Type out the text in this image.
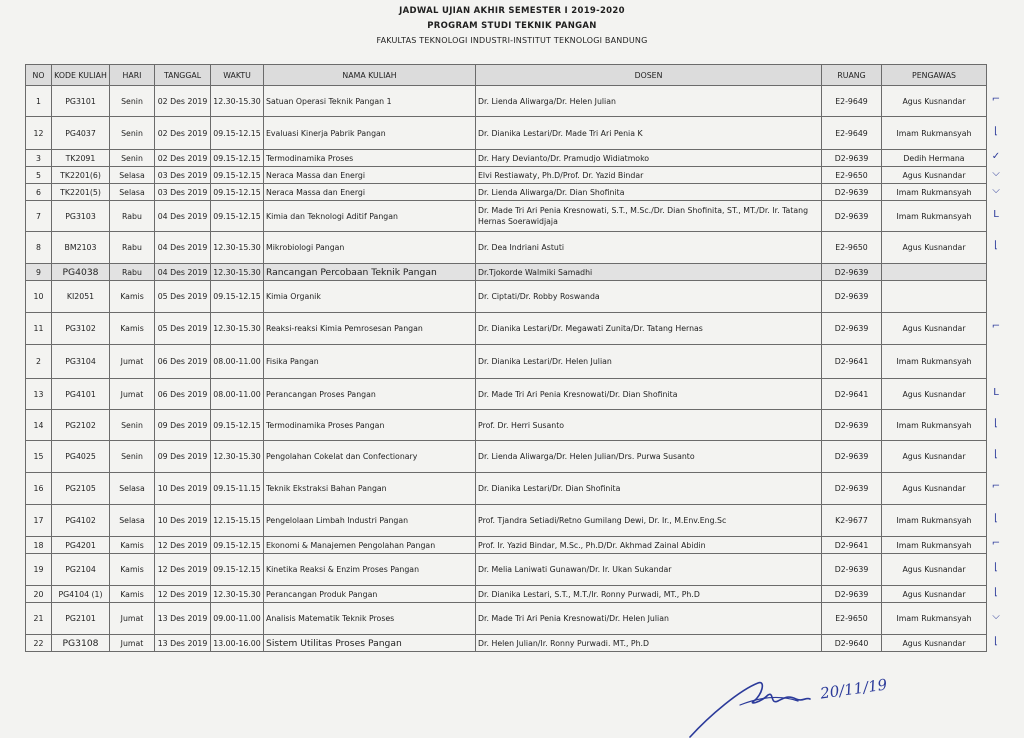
JADWAL UJIAN AKHIR SEMESTER I 2019-2020
PROGRAM STUDI TEKNIK PANGAN
FAKULTAS TEKNOLOGI INDUSTRI-INSTITUT TEKNOLOGI BANDUNG
NO	KODE KULIAH	HARI	TANGGAL	WAKTU	NAMA KULIAH	DOSEN	RUANG	PENGAWAS
1	PG3101	Senin	02 Des 2019	12.30-15.30	Satuan Operasi Teknik Pangan 1	Dr. Lienda Aliwarga/Dr. Helen Julian	E2-9649	Agus Kusnandar
12	PG4037	Senin	02 Des 2019	09.15-12.15	Evaluasi Kinerja Pabrik Pangan	Dr. Dianika Lestari/Dr. Made Tri Ari Penia K	E2-9649	Imam Rukmansyah
3	TK2091	Senin	02 Des 2019	09.15-12.15	Termodinamika Proses	Dr. Hary Devianto/Dr. Pramudjo Widiatmoko	D2-9639	Dedih Hermana
5	TK2201(6)	Selasa	03 Des 2019	09.15-12.15	Neraca Massa dan Energi	Elvi Restiawaty, Ph.D/Prof. Dr. Yazid Bindar	E2-9650	Agus Kusnandar
6	TK2201(5)	Selasa	03 Des 2019	09.15-12.15	Neraca Massa dan Energi	Dr. Lienda Aliwarga/Dr. Dian Shofinita	D2-9639	Imam Rukmansyah
7	PG3103	Rabu	04 Des 2019	09.15-12.15	Kimia dan Teknologi Aditif Pangan	Dr. Made Tri Ari Penia Kresnowati, S.T., M.Sc./Dr. Dian Shofinita, ST., MT./Dr. Ir. Tatang Hernas Soerawidjaja	D2-9639	Imam Rukmansyah
8	BM2103	Rabu	04 Des 2019	12.30-15.30	Mikrobiologi Pangan	Dr. Dea Indriani Astuti	E2-9650	Agus Kusnandar
9	PG4038	Rabu	04 Des 2019	12.30-15.30	Rancangan Percobaan Teknik Pangan	Dr.Tjokorde Walmiki Samadhi	D2-9639	
10	KI2051	Kamis	05 Des 2019	09.15-12.15	Kimia Organik	Dr. Ciptati/Dr. Robby Roswanda	D2-9639	
11	PG3102	Kamis	05 Des 2019	12.30-15.30	Reaksi-reaksi Kimia Pemrosesan Pangan	Dr. Dianika Lestari/Dr. Megawati Zunita/Dr. Tatang Hernas	D2-9639	Agus Kusnandar
2	PG3104	Jumat	06 Des 2019	08.00-11.00	Fisika Pangan	Dr. Dianika Lestari/Dr. Helen Julian	D2-9641	Imam Rukmansyah
13	PG4101	Jumat	06 Des 2019	08.00-11.00	Perancangan Proses Pangan	Dr. Made Tri Ari Penia Kresnowati/Dr. Dian Shofinita	D2-9641	Agus Kusnandar
14	PG2102	Senin	09 Des 2019	09.15-12.15	Termodinamika Proses Pangan	Prof. Dr. Herri Susanto	D2-9639	Imam Rukmansyah
15	PG4025	Senin	09 Des 2019	12.30-15.30	Pengolahan Cokelat dan Confectionary	Dr. Lienda Aliwarga/Dr. Helen Julian/Drs. Purwa Susanto	D2-9639	Agus Kusnandar
16	PG2105	Selasa	10 Des 2019	09.15-11.15	Teknik Ekstraksi Bahan Pangan	Dr. Dianika Lestari/Dr. Dian Shofinita	D2-9639	Agus Kusnandar
17	PG4102	Selasa	10 Des 2019	12.15-15.15	Pengelolaan Limbah Industri Pangan	Prof. Tjandra Setiadi/Retno Gumilang Dewi, Dr. Ir., M.Env.Eng.Sc	K2-9677	Imam Rukmansyah
18	PG4201	Kamis	12 Des 2019	09.15-12.15	Ekonomi & Manajemen Pengolahan Pangan	Prof. Ir. Yazid Bindar, M.Sc., Ph.D/Dr. Akhmad Zainal Abidin	D2-9641	Imam Rukmansyah
19	PG2104	Kamis	12 Des 2019	09.15-12.15	Kinetika Reaksi & Enzim Proses Pangan	Dr. Melia Laniwati Gunawan/Dr. Ir. Ukan Sukandar	D2-9639	Agus Kusnandar
20	PG4104 (1)	Kamis	12 Des 2019	12.30-15.30	Perancangan Produk Pangan	Dr. Dianika Lestari, S.T., M.T./Ir. Ronny Purwadi, MT., Ph.D	D2-9639	Agus Kusnandar
21	PG2101	Jumat	13 Des 2019	09.00-11.00	Analisis Matematik Teknik Proses	Dr. Made Tri Ari Penia Kresnowati/Dr. Helen Julian	E2-9650	Imam Rukmansyah
22	PG3108	Jumat	13 Des 2019	13.00-16.00	Sistem Utilitas Proses Pangan	Dr. Helen Julian/Ir. Ronny Purwadi. MT., Ph.D	D2-9640	Agus Kusnandar
⌐
⌊
✓
⌵
⌵
L
⌊
⌐
L
⌊
⌊
⌐
⌊
⌐
⌊
⌊
⌵
⌊
20/11/19
